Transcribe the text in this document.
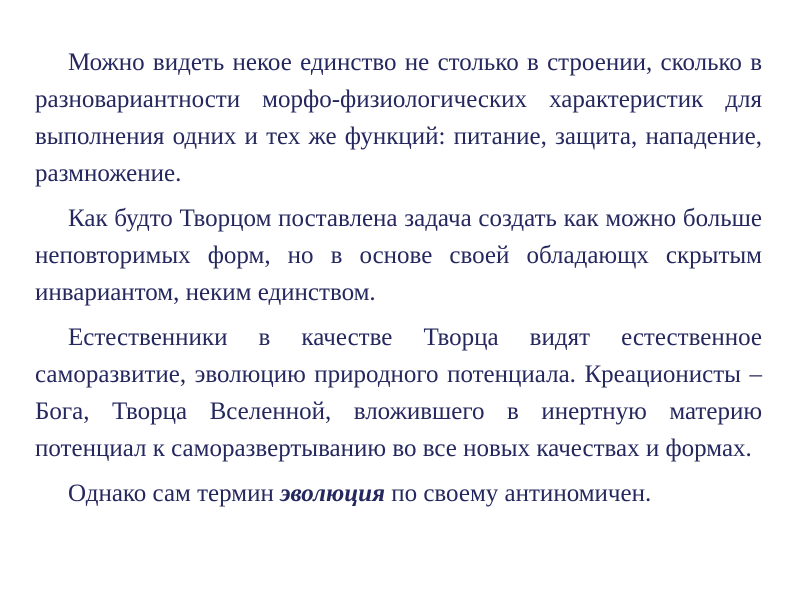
Можно видеть некое единство не столько в строении, сколько в разновариантности морфо-физиологических характеристик для выполнения одних и тех же функций: питание, защита, нападение, размножение.

Как будто Творцом поставлена задача создать как можно больше неповторимых форм, но в основе своей обладающх скрытым инвариантом, неким единством.

Естественники в качестве Творца видят естественное саморазвитие, эволюцию природного потенциала. Креационисты – Бога, Творца Вселенной, вложившего в инертную материю потенциал к саморазвертыванию во все новых качествах и формах.

Однако сам термин эволюция по своему антиномичен.
